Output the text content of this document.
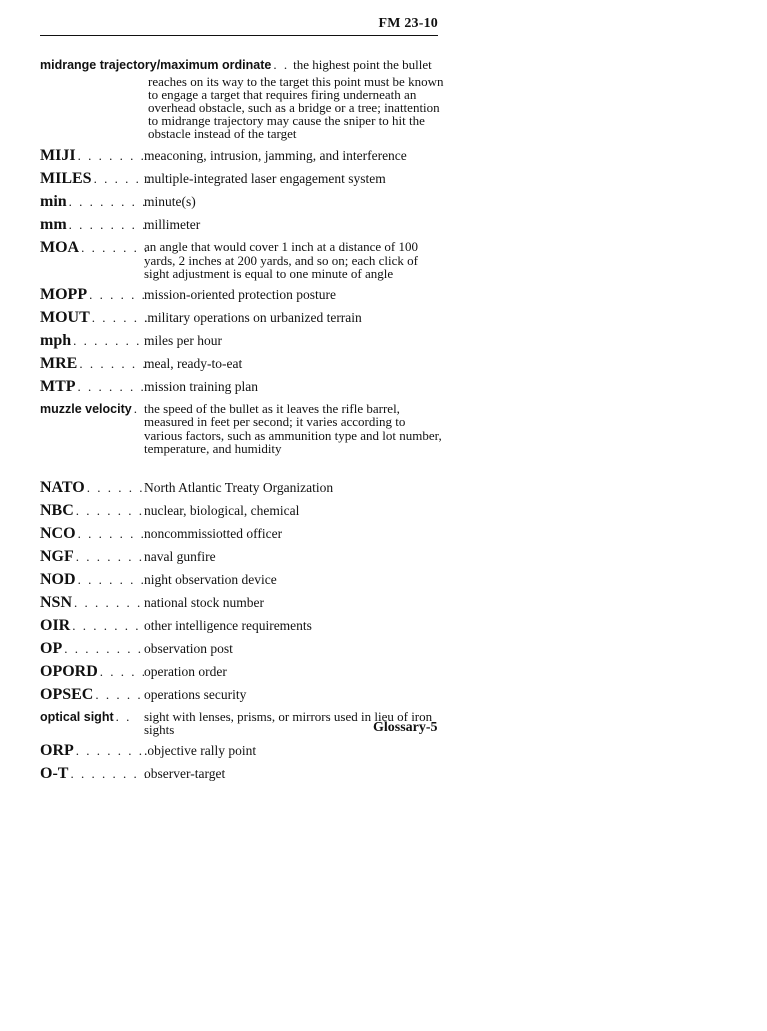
FM 23-10
midrange trajectory/maximum ordinate . . the highest point the bullet
reaches on its way to the target this point must be known to engage a target that requires firing underneath an overhead obstacle, such as a bridge or a tree; inattention to midrange trajectory may cause the sniper to hit the obstacle instead of the target
MIJI . . . . . . .
meaconing, intrusion, jamming, and interference
MILES . . . . . .
multiple-integrated laser engagement system
min . . . . . . . .
minute(s)
mm . . . . . . . .
millimeter
MOA . . . . . . .
an angle that would cover 1 inch at a distance of 100 yards, 2 inches at 200 yards, and so on; each click of sight adjustment is equal to one minute of angle
MOPP . . . . . .
mission-oriented protection posture
MOUT . . . . . .
.military operations on urbanized terrain
mph . . . . . . . miles per hour
MRE . . . . . . .
meal, ready-to-eat
MTP . . . . . . .
mission training plan
muzzle velocity . the speed of the bullet as it leaves the rifle barrel, measured in feet per second; it varies according to various factors, such as ammunition type and lot number, temperature, and humidity
NATO . . . . . . North Atlantic Treaty Organization
NBC . . . . . . . nuclear, biological, chemical
NCO . . . . . . .
noncommissiotted officer
NGF . . . . . . . naval gunfire
NOD . . . . . . .
night observation device
NSN . . . . . . . national stock number
OIR . . . . . . . other intelligence requirements
OP . . . . . . . . observation post
OPORD . . . . .
operation order
OPSEC . . . . . operations security
optical sight . . sight with lenses, prisms, or mirrors used in lieu of iron sights
ORP . . . . . . . .objective rally point
O-T . . . . . . . .
observer-target
Glossary-5
